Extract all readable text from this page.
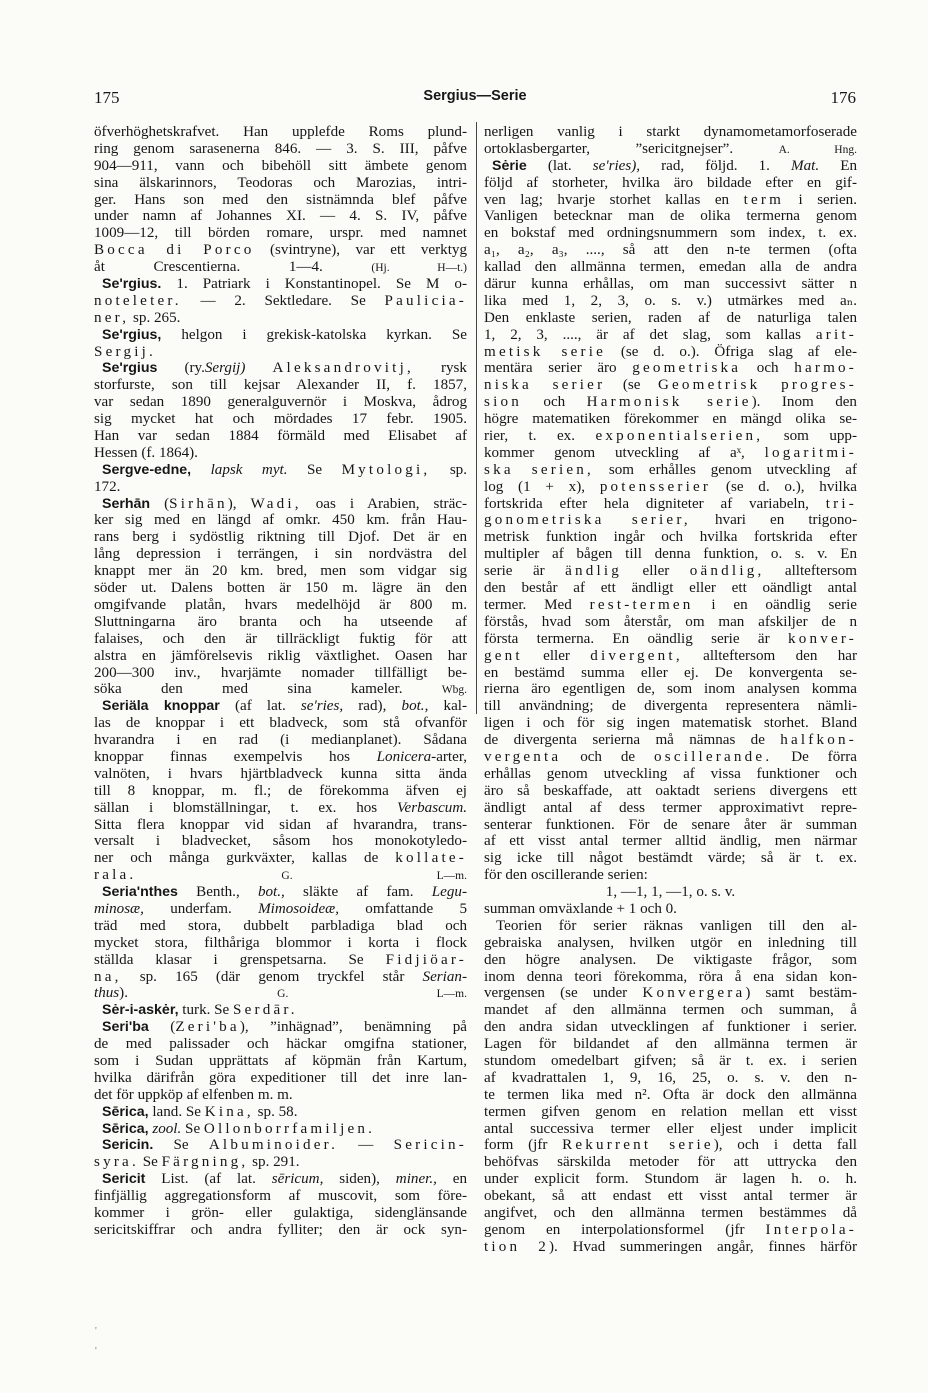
175	Sergius—Serie	176
öfverhöghetskrafvet. Han upplefde Roms plund-
ring genom sarasenerna 846. — 3. S. III, påfve
904—911, vann och bibehöll sitt ämbete genom
sina älskarinnors, Teodoras och Marozias, intri-
ger. Hans son med den sistnämnda blef påfve
under namn af Johannes XI. — 4. S. IV, påfve
1009—12, till börden romare, urspr. med namnet
Bocca di Porco (svintryne), var ett verktyg
åt Crescentierna.	1—4.	(Hj. H—t.)
Se'rgius. 1. Patriark i Konstantinopel. Se M o-
noteleter. — 2. Sektledare. Se Paulicia-
ner, sp. 265.
Se'rgius, helgon i grekisk-katolska kyrkan. Se
Sergij.
Se'rgius (ry.Sergij) Aleksandrovitj, rysk
storfurste, son till kejsar Alexander II, f. 1857,
var sedan 1890 generalguvernör i Moskva, ådrog
sig mycket hat och mördades 17 febr. 1905.
Han var sedan 1884 förmäld med Elisabet af
Hessen (f. 1864).
Sergve-edne, lapsk myt. Se Mytologi, sp.
172.
Serhān (Sirhān), Wadi, oas i Arabien, sträc-
ker sig med en längd af omkr. 450 km. från Hau-
rans berg i sydöstlig riktning till Djof. Det är en
lång depression i terrängen, i sin nordvästra del
knappt mer än 20 km. bred, men som vidgar sig
söder ut. Dalens botten är 150 m. lägre än den
omgifvande platån, hvars medelhöjd är 800 m.
Sluttningarna äro branta och ha utseende af
falaises, och den är tillräckligt fuktig för att
alstra en jämförelsevis riklig växtlighet. Oasen har
200—300 inv., hvarjämte nomader tillfälligt be-
söka den med sina kameler.	Wbg.
Seriäla knoppar (af lat. se'ries, rad), bot., kal-
las de knoppar i ett bladveck, som stå ofvanför
hvarandra i en rad (i medianplanet). Sådana
knoppar finnas exempelvis hos Lonicera-arter,
valnöten, i hvars hjärtbladveck kunna sitta ända
till 8 knoppar, m. fl.; de förekomma äfven ej
sällan i blomställningar, t. ex. hos Verbascum.
Sitta flera knoppar vid sidan af hvarandra, trans-
versalt i bladvecket, såsom hos monokotyledo-
ner och många gurkväxter, kallas de kollate-
rala.	G. L—m.
Seria'nthes Benth., bot., släkte af fam. Legu-
minosæ, underfam. Mimosoideæ, omfattande 5
träd med stora, dubbelt parbladiga blad och
mycket stora, filthåriga blommor i korta i flock
ställda klasar i grenspetsarna. Se Fidjiöar-
na, sp. 165 (där genom tryckfel står Serian-
thus).	G. L—m.
Sėr-i-askėr, turk. Se Serdār.
Seri'ba (Zeri'ba), ”inhägnad”, benämning på
de med palissader och häckar omgifna stationer,
som i Sudan upprättats af köpmän från Kartum,
hvilka därifrån göra expeditioner till det inre lan-
det för uppköp af elfenben m. m.
Sērica, land. Se Kina, sp. 58.
Sērica, zool. Se Ollonborrfamiljen.
Sericin. Se Albuminoider. — Sericin-
syra. Se Färgning, sp. 291.
Sericit List. (af lat. sēricum, siden), miner., en
finfjällig aggregationsform af muscovit, som före-
kommer i grön- eller gulaktiga, sidenglänsande
sericitskiffrar och andra fylliter; den är ock syn-
nerligen vanlig i starkt dynamometamorfoserade
ortoklasbergarter, ”sericitgnejser”.	A. Hng.
Sėrie (lat. se'ries), rad, följd. 1. Mat. En
följd af storheter, hvilka äro bildade efter en gif-
ven lag; hvarje storhet kallas en term i serien.
Vanligen betecknar man de olika termerna genom
en bokstaf med ordningsnummern som index, t. ex.
a₁, a₂, a₃, ...., så att den n-te termen (ofta
kallad den allmänna termen, emedan alla de andra
därur kunna erhållas, om man successivt sätter n
lika med 1, 2, 3, o. s. v.) utmärkes med aₙ.
Den enklaste serien, raden af de naturliga talen
1, 2, 3, ...., är af det slag, som kallas arit-
metisk serie (se d. o.). Öfriga slag af ele-
mentära serier äro geometriska och harmo-
niska serier (se Geometrisk progres-
sion och Harmonisk serie). Inom den
högre matematiken förekommer en mängd olika se-
rier, t. ex. exponentialserien, som upp-
kommer genom utveckling af aˣ, logaritmi-
ska serien, som erhålles genom utveckling af
log (1 + x), potensserier (se d. o.), hvilka
fortskrida efter hela digniteter af variabeln, tri-
gonometriska serier, hvari en trigono-
metrisk funktion ingår och hvilka fortskrida efter
multipler af bågen till denna funktion, o. s. v. En
serie är ändlig eller oändlig, allteftersom
den består af ett ändligt eller ett oändligt antal
termer. Med rest-termen i en oändlig serie
förstås, hvad som återstår, om man afskiljer de n
första termerna. En oändlig serie är konver-
gent eller divergent, allteftersom den har
en bestämd summa eller ej. De konvergenta se-
rierna äro egentligen de, som inom analysen komma
till användning; de divergenta representera nämli-
ligen i och för sig ingen matematisk storhet. Bland
de divergenta serierna må nämnas de halfkon-
vergenta och de oscillerande. De förra
erhållas genom utveckling af vissa funktioner och
äro så beskaffade, att oaktadt seriens divergens ett
ändligt antal af dess termer approximativt repre-
senterar funktionen. För de senare åter är summan
af ett visst antal termer alltid ändlig, men närmar
sig icke till något bestämdt värde; så är t. ex.
för den oscillerande serien:
1, —1, 1, —1, o. s. v.
summan omväxlande + 1 och 0.
Teorien för serier räknas vanligen till den al-
gebraiska analysen, hvilken utgör en inledning till
den högre analysen. De viktigaste frågor, som
inom denna teori förekomma, röra å ena sidan kon-
vergensen (se under Konvergera) samt bestäm-
mandet af den allmänna termen och summan, å
den andra sidan utvecklingen af funktioner i serier.
Lagen för bildandet af den allmänna termen är
stundom omedelbart gifven; så är t. ex. i serien
af kvadrattalen 1, 9, 16, 25, o. s. v. den n-
te termen lika med n². Ofta är dock den allmänna
termen gifven genom en relation mellan ett visst
antal successiva termer eller eljest under implicit
form (jfr Rekurrent serie), och i detta fall
behöfvas särskilda metoder för att uttrycka den
under explicit form. Stundom är lagen h. o. h.
obekant, så att endast ett visst antal termer är
angifvet, och den allmänna termen bestämmes då
genom en interpolationsformel (jfr Interpola-
tion 2). Hvad summeringen angår, finnes härför
'
'
